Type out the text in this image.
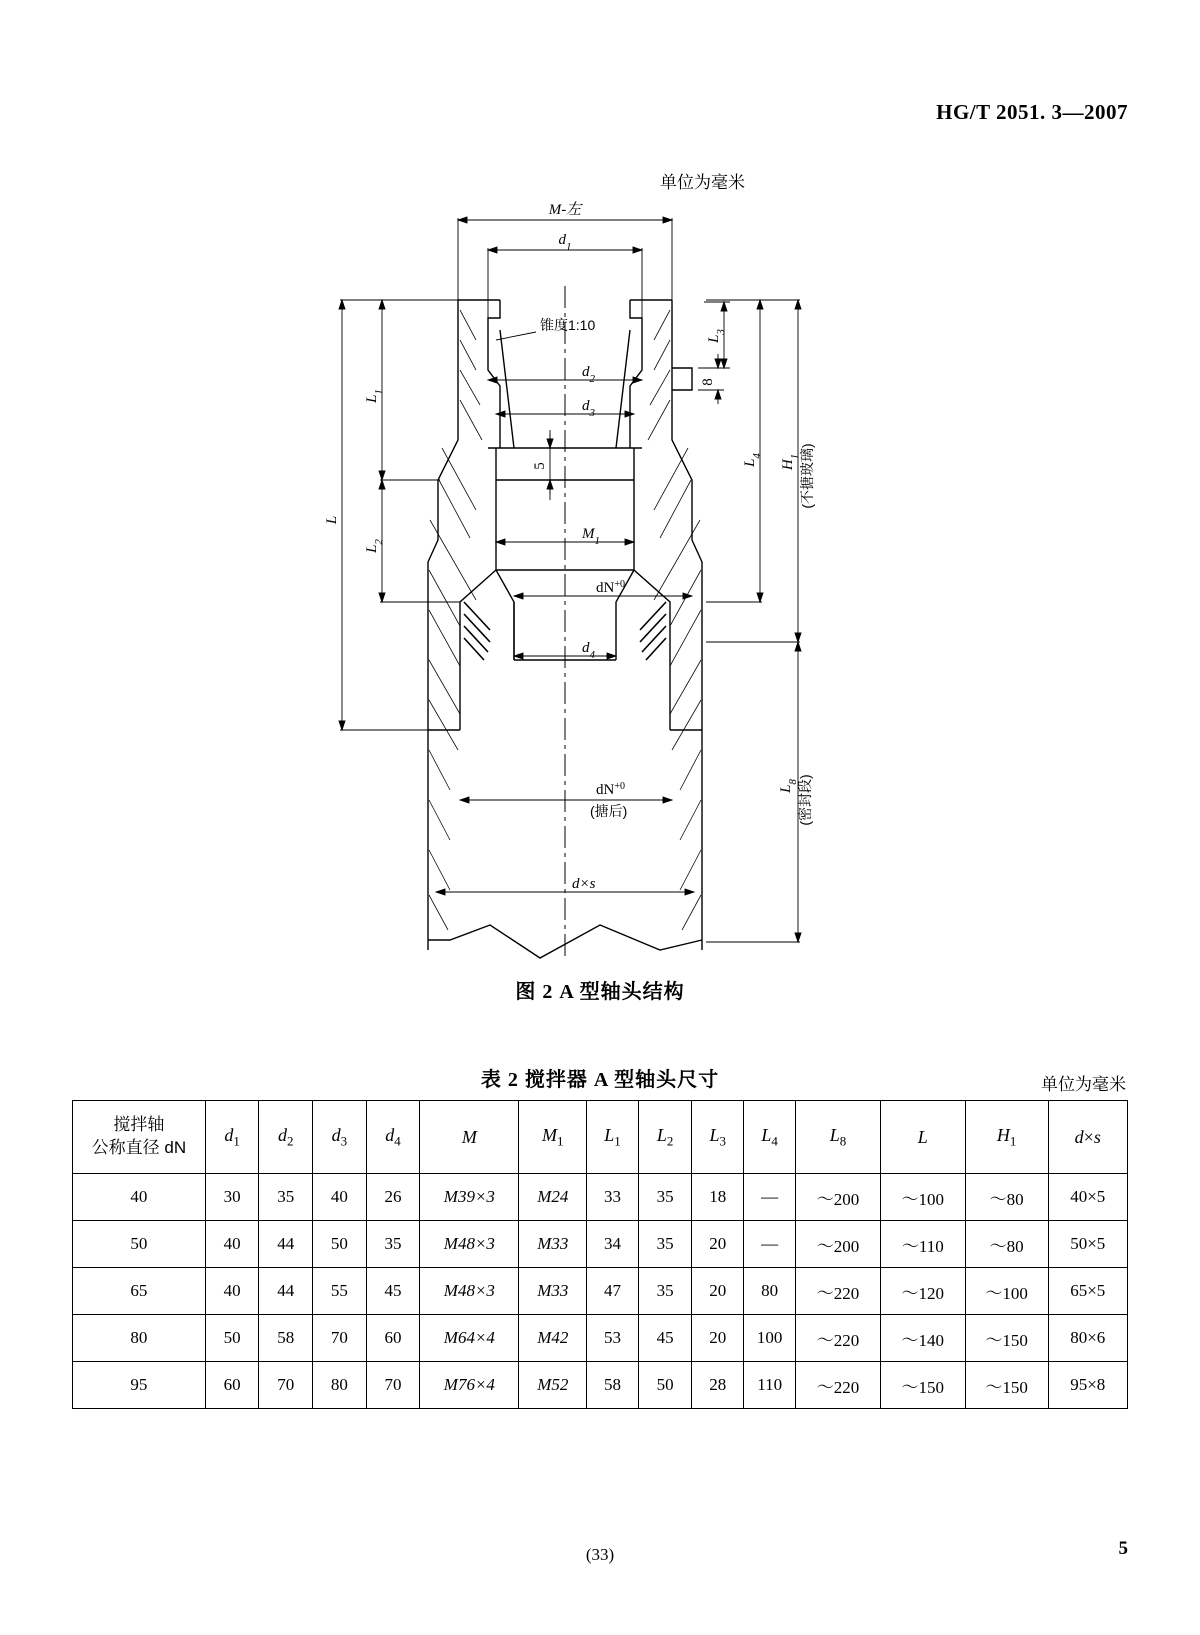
HG/T 2051. 3—2007
单位为毫米
M-左
$d_1$
锥度1:10
$d_2$
$d_3$
$M_1$
$dN^{+0}$
$d_4$
$dN^{+0}$
(搪后)
d×s
L
$L_1$
$L_2$
$L_3$
8
5	$L_4$
$H_1$
(不搪玻璃)
$L_8$
(密封段)
图 2 A 型轴头结构
表 2 搅拌器 A 型轴头尺寸	单位为毫米
搅拌轴
公称直径 dN	$d_1$	$d_2$	$d_3$	$d_4$	M	$M_1$	$L_1$	$L_2$	$L_3$	$L_4$	$L_8$	L	$H_1$	d×s
40	30	35	40	26	M39×3	M24	33	35	18	—	～200	～100	～80	40×5
50	40	44	50	35	M48×3	M33	34	35	20	—	～200	～110	～80	50×5
65	40	44	55	45	M48×3	M33	47	35	20	80	～220	～120	～100	65×5
80	50	58	70	60	M64×4	M42	53	45	20	100	～220	～140	～150	80×6
95	60	70	80	70	M76×4	M52	58	50	28	110	～220	～150	～150	95×8
(33)	5
